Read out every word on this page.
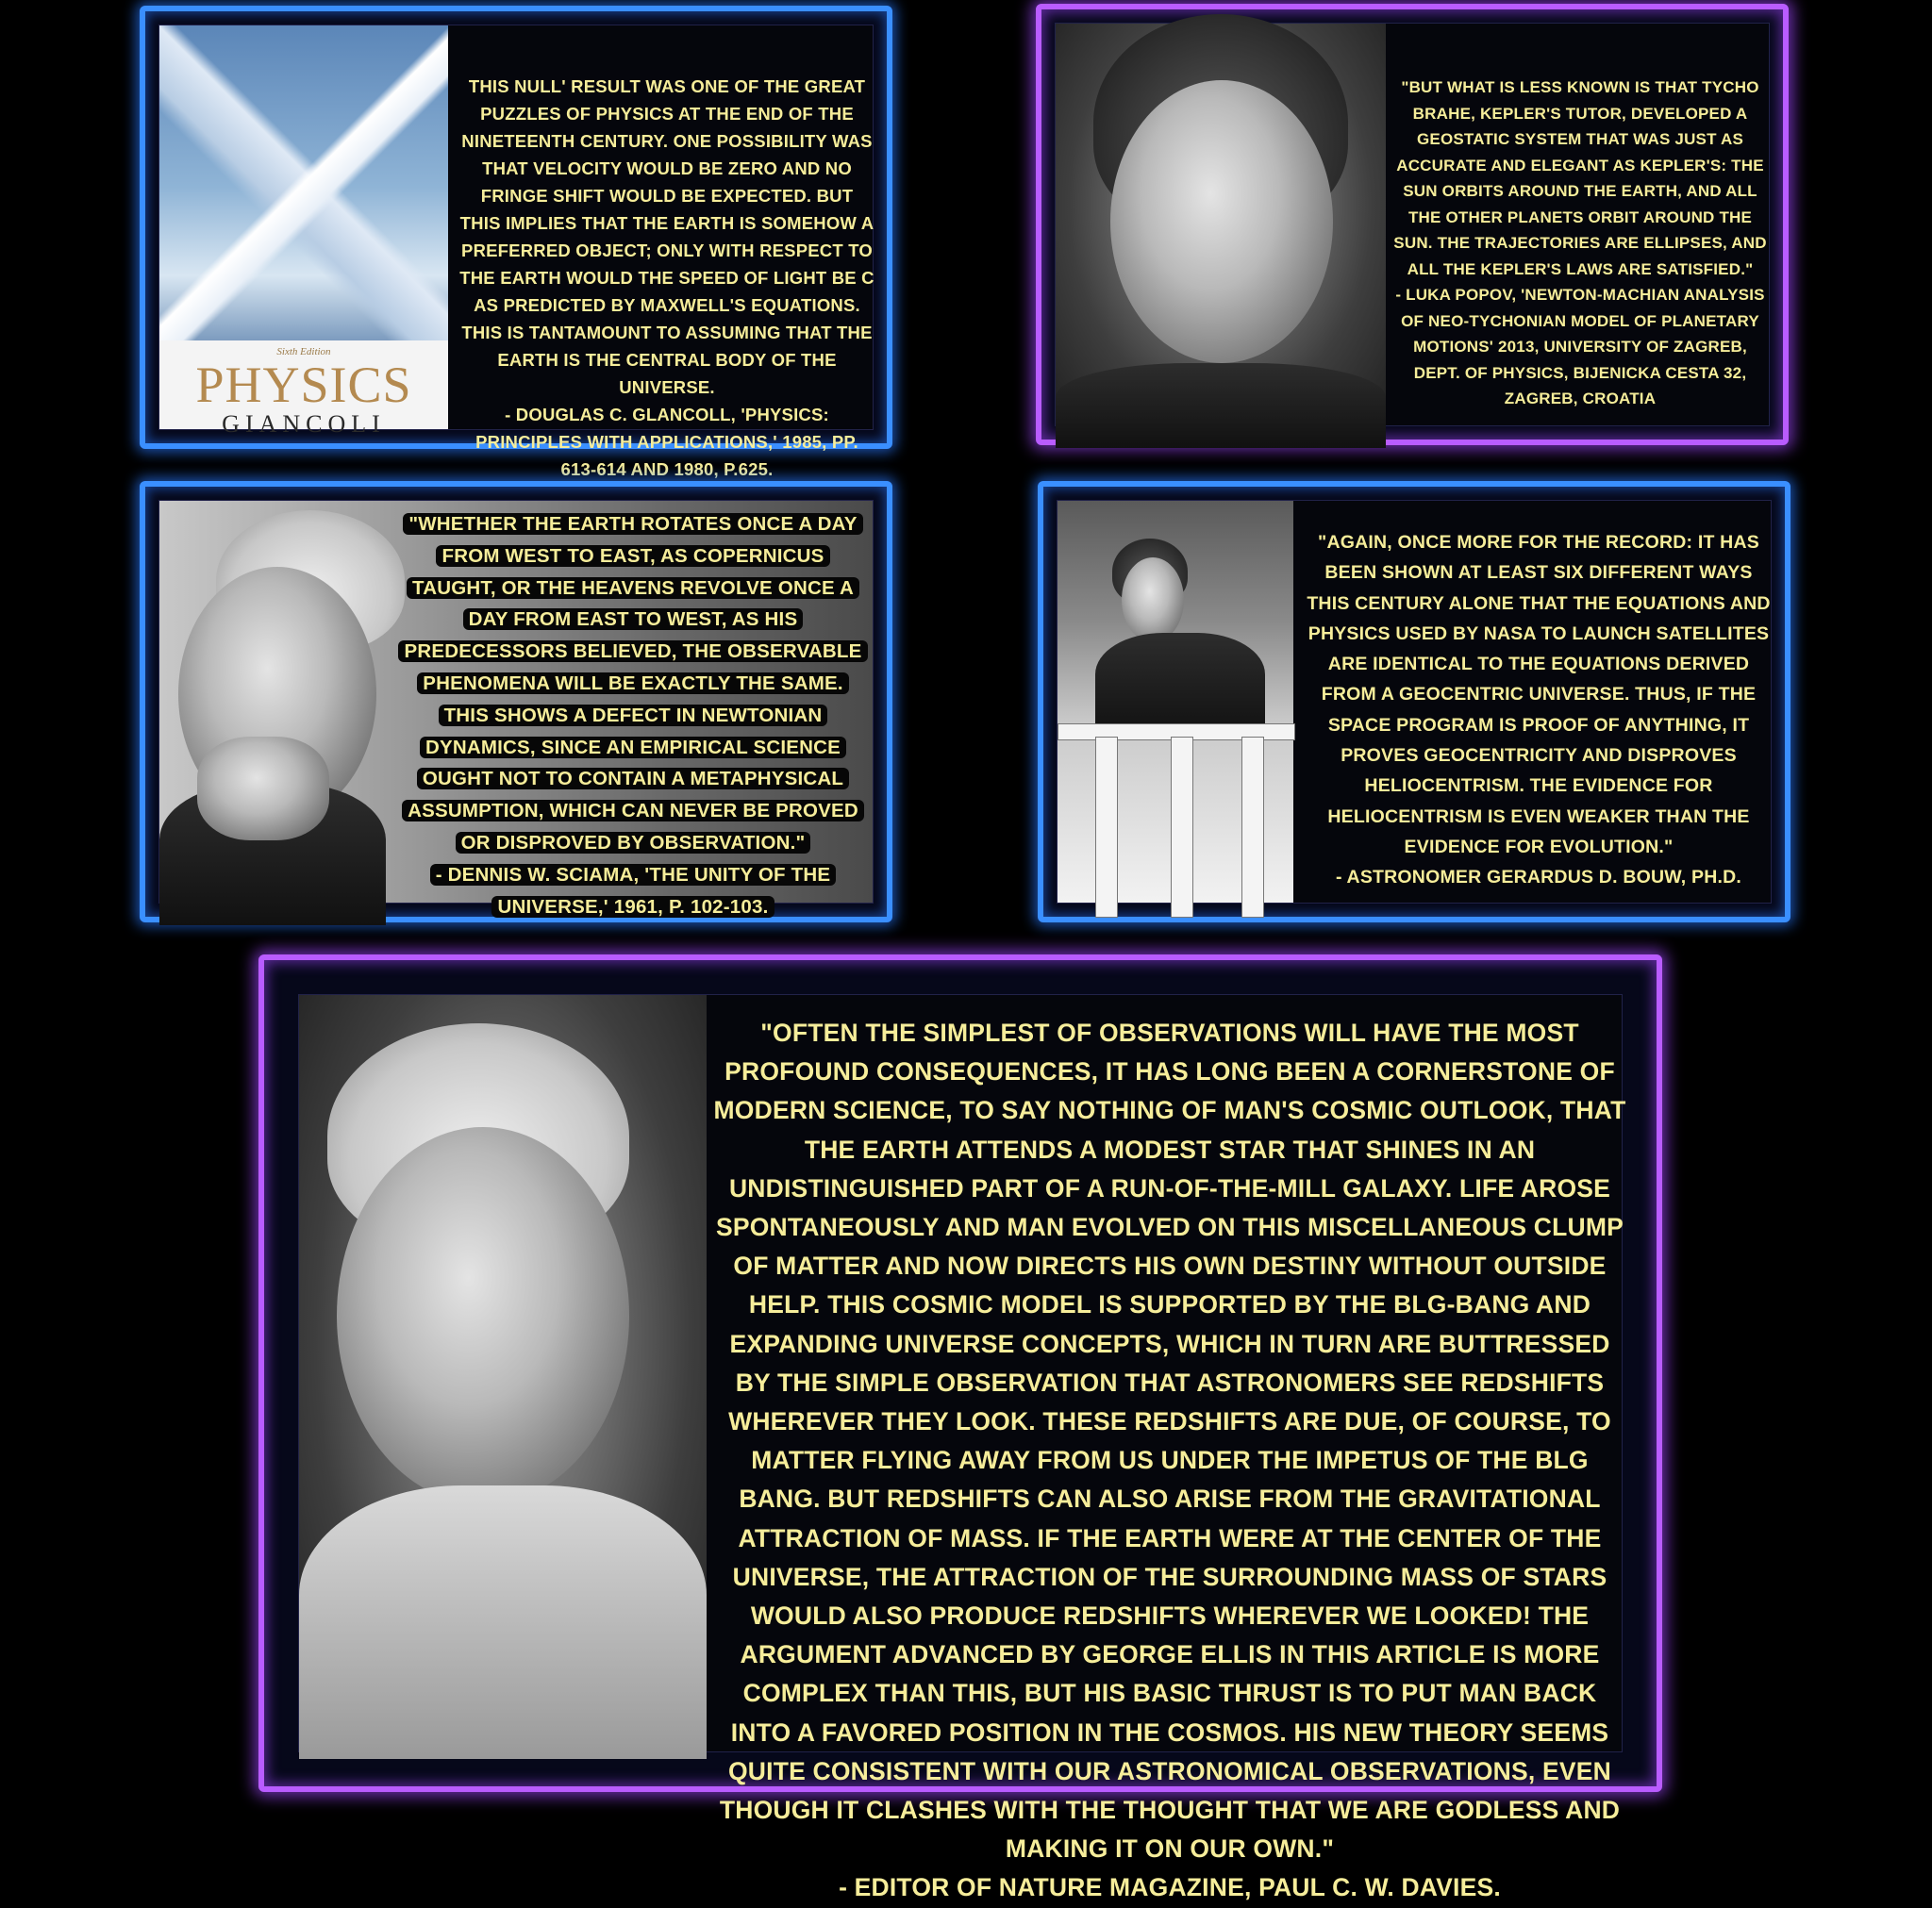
Sixth Edition
PHYSICS
GIANCOLI

THIS NULL' RESULT WAS ONE OF THE GREAT PUZZLES OF PHYSICS AT THE END OF THE NINETEENTH CENTURY. ONE POSSIBILITY WAS THAT VELOCITY WOULD BE ZERO AND NO FRINGE SHIFT WOULD BE EXPECTED. BUT THIS IMPLIES THAT THE EARTH IS SOMEHOW A PREFERRED OBJECT; ONLY WITH RESPECT TO THE EARTH WOULD THE SPEED OF LIGHT BE C AS PREDICTED BY MAXWELL'S EQUATIONS. THIS IS TANTAMOUNT TO ASSUMING THAT THE EARTH IS THE CENTRAL BODY OF THE UNIVERSE.

- DOUGLAS C. GLANCOLL, 'PHYSICS: PRINCIPLES WITH APPLICATIONS,' 1985, PP. 613-614 AND 1980, P.625.

"BUT WHAT IS LESS KNOWN IS THAT TYCHO BRAHE, KEPLER'S TUTOR, DEVELOPED A GEOSTATIC SYSTEM THAT WAS JUST AS ACCURATE AND ELEGANT AS KEPLER'S: THE SUN ORBITS AROUND THE EARTH, AND ALL THE OTHER PLANETS ORBIT AROUND THE SUN. THE TRAJECTORIES ARE ELLIPSES, AND ALL THE KEPLER'S LAWS ARE SATISFIED."

- LUKA POPOV, 'NEWTON-MACHIAN ANALYSIS OF NEO-TYCHONIAN MODEL OF PLANETARY MOTIONS' 2013, UNIVERSITY OF ZAGREB, DEPT. OF PHYSICS, BIJENICKA CESTA 32, ZAGREB, CROATIA

"WHETHER THE EARTH ROTATES ONCE A DAY FROM WEST TO EAST, AS COPERNICUS TAUGHT, OR THE HEAVENS REVOLVE ONCE A DAY FROM EAST TO WEST, AS HIS PREDECESSORS BELIEVED, THE OBSERVABLE PHENOMENA WILL BE EXACTLY THE SAME. THIS SHOWS A DEFECT IN NEWTONIAN DYNAMICS, SINCE AN EMPIRICAL SCIENCE OUGHT NOT TO CONTAIN A METAPHYSICAL ASSUMPTION, WHICH CAN NEVER BE PROVED OR DISPROVED BY OBSERVATION."

- DENNIS W. SCIAMA, 'THE UNITY OF THE UNIVERSE,' 1961, P. 102-103.

"AGAIN, ONCE MORE FOR THE RECORD: IT HAS BEEN SHOWN AT LEAST SIX DIFFERENT WAYS THIS CENTURY ALONE THAT THE EQUATIONS AND PHYSICS USED BY NASA TO LAUNCH SATELLITES ARE IDENTICAL TO THE EQUATIONS DERIVED FROM A GEOCENTRIC UNIVERSE. THUS, IF THE SPACE PROGRAM IS PROOF OF ANYTHING, IT PROVES GEOCENTRICITY AND DISPROVES HELIOCENTRISM. THE EVIDENCE FOR HELIOCENTRISM IS EVEN WEAKER THAN THE EVIDENCE FOR EVOLUTION."

- ASTRONOMER GERARDUS D. BOUW, PH.D.

"OFTEN THE SIMPLEST OF OBSERVATIONS WILL HAVE THE MOST PROFOUND CONSEQUENCES, IT HAS LONG BEEN A CORNERSTONE OF MODERN SCIENCE, TO SAY NOTHING OF MAN'S COSMIC OUTLOOK, THAT THE EARTH ATTENDS A MODEST STAR THAT SHINES IN AN UNDISTINGUISHED PART OF A RUN-OF-THE-MILL GALAXY. LIFE AROSE SPONTANEOUSLY AND MAN EVOLVED ON THIS MISCELLANEOUS CLUMP OF MATTER AND NOW DIRECTS HIS OWN DESTINY WITHOUT OUTSIDE HELP. THIS COSMIC MODEL IS SUPPORTED BY THE BLG-BANG AND EXPANDING UNIVERSE CONCEPTS, WHICH IN TURN ARE BUTTRESSED BY THE SIMPLE OBSERVATION THAT ASTRONOMERS SEE REDSHIFTS WHEREVER THEY LOOK. THESE REDSHIFTS ARE DUE, OF COURSE, TO MATTER FLYING AWAY FROM US UNDER THE IMPETUS OF THE BLG BANG. BUT REDSHIFTS CAN ALSO ARISE FROM THE GRAVITATIONAL ATTRACTION OF MASS. IF THE EARTH WERE AT THE CENTER OF THE UNIVERSE, THE ATTRACTION OF THE SURROUNDING MASS OF STARS WOULD ALSO PRODUCE REDSHIFTS WHEREVER WE LOOKED! THE ARGUMENT ADVANCED BY GEORGE ELLIS IN THIS ARTICLE IS MORE COMPLEX THAN THIS, BUT HIS BASIC THRUST IS TO PUT MAN BACK INTO A FAVORED POSITION IN THE COSMOS. HIS NEW THEORY SEEMS QUITE CONSISTENT WITH OUR ASTRONOMICAL OBSERVATIONS, EVEN THOUGH IT CLASHES WITH THE THOUGHT THAT WE ARE GODLESS AND MAKING IT ON OUR OWN."

- EDITOR OF NATURE MAGAZINE, PAUL C. W. DAVIES.
